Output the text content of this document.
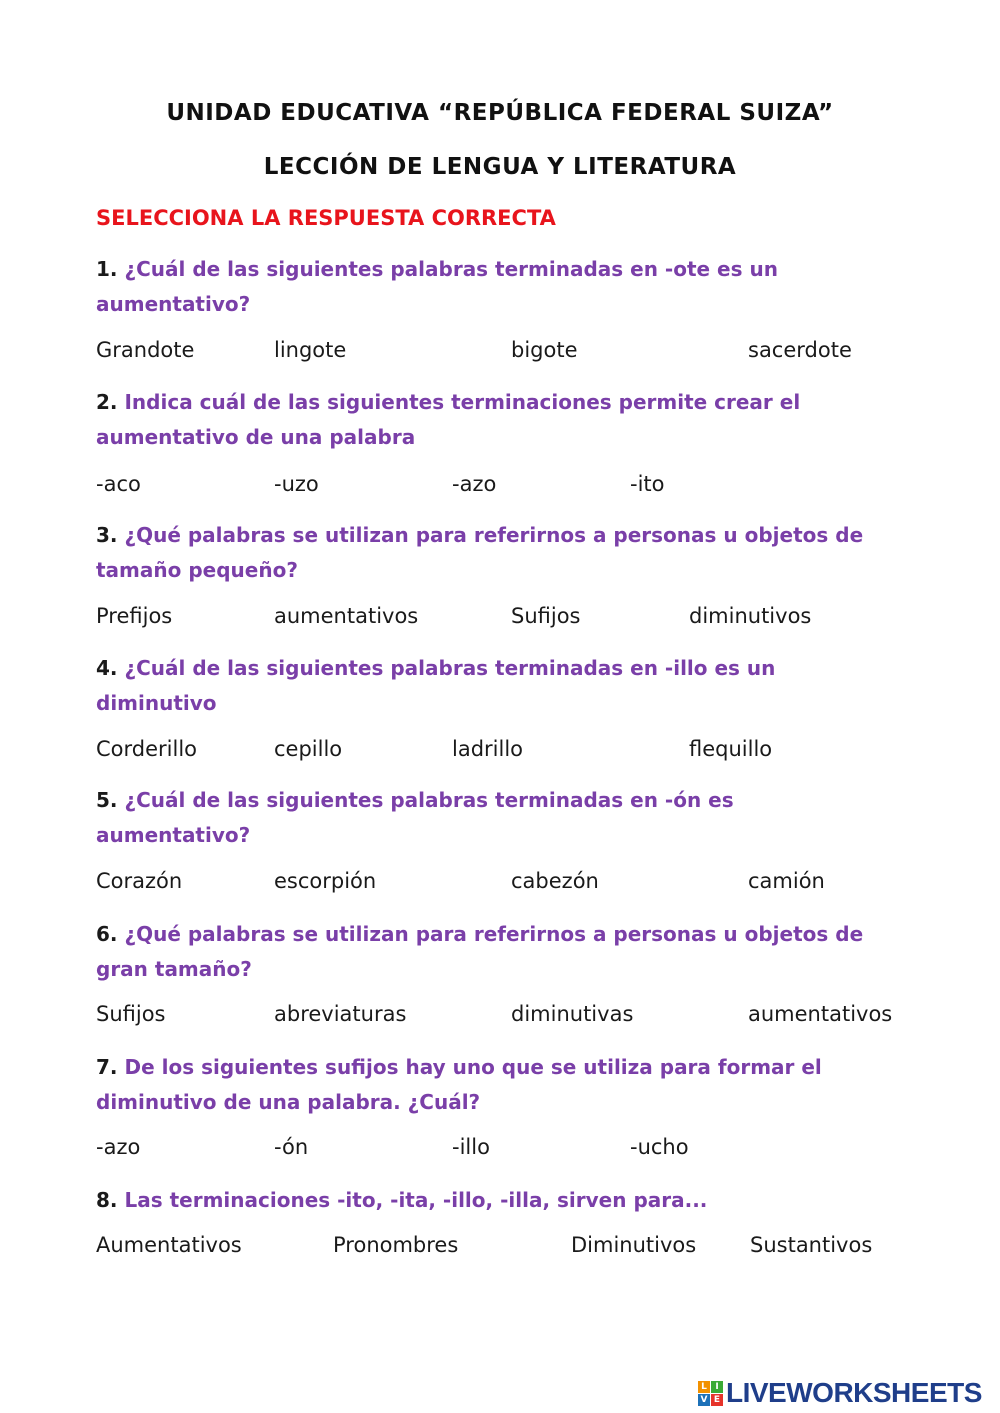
UNIDAD EDUCATIVA “REPÚBLICA FEDERAL SUIZA”
LECCIÓN DE LENGUA Y LITERATURA
SELECCIONA LA RESPUESTA CORRECTA
1. ¿Cuál de las siguientes palabras terminadas en -ote es un
aumentativo?
Grandote	lingote	bigote	sacerdote
2. Indica cuál de las siguientes terminaciones permite crear el
aumentativo de una palabra
-aco	-uzo	-azo	-ito
3. ¿Qué palabras se utilizan para referirnos a personas u objetos de
tamaño pequeño?
Prefijos	aumentativos	Sufijos	diminutivos
4. ¿Cuál de las siguientes palabras terminadas en -illo es un
diminutivo
Corderillo	cepillo	ladrillo	flequillo
5. ¿Cuál de las siguientes palabras terminadas en -ón es
aumentativo?
Corazón	escorpión	cabezón	camión
6. ¿Qué palabras se utilizan para referirnos a personas u objetos de
gran tamaño?
Sufijos	abreviaturas	diminutivas	aumentativos
7. De los siguientes sufijos hay uno que se utiliza para formar el
diminutivo de una palabra. ¿Cuál?
-azo	-ón	-illo	-ucho
8. Las terminaciones -ito, -ita, -illo, -illa, sirven para...
Aumentativos	Pronombres	Diminutivos	Sustantivos
L I
V E LIVEWORKSHEETS
